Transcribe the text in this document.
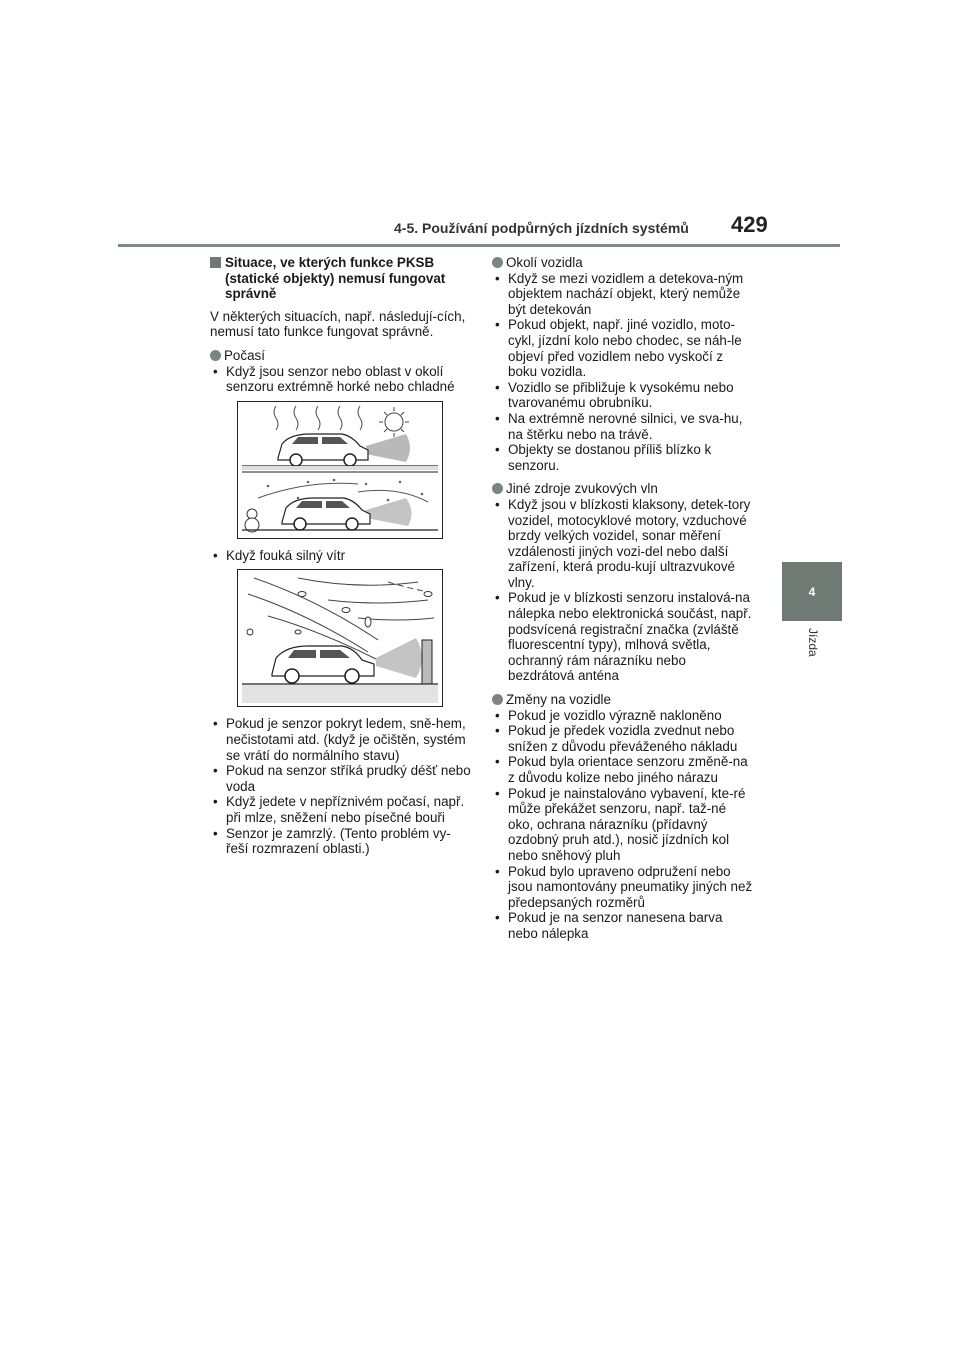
4-5. Používání podpůrných jízdních systémů 429
4
Jízda
Situace, ve kterých funkce PKSB (statické objekty) nemusí fungovat správně
V některých situacích, např. následují-cích, nemusí tato funkce fungovat správně.
Počasí
• Když jsou senzor nebo oblast v okolí senzoru extrémně horké nebo chladné
• Když fouká silný vítr
• Pokud je senzor pokryt ledem, sně-hem, nečistotami atd. (když je očištěn, systém se vrátí do normálního stavu)
• Pokud na senzor stříká prudký déšť nebo voda
• Když jedete v nepříznivém počasí, např. při mlze, sněžení nebo písečné bouři
• Senzor je zamrzlý. (Tento problém vy-řeší rozmrazení oblasti.)
Okolí vozidla
• Když se mezi vozidlem a detekova-ným objektem nachází objekt, který nemůže být detekován
• Pokud objekt, např. jiné vozidlo, moto-cykl, jízdní kolo nebo chodec, se náh-le objeví před vozidlem nebo vyskočí z boku vozidla.
• Vozidlo se přibližuje k vysokému nebo tvarovanému obrubníku.
• Na extrémně nerovné silnici, ve sva-hu, na štěrku nebo na trávě.
• Objekty se dostanou příliš blízko k senzoru.
Jiné zdroje zvukových vln
• Když jsou v blízkosti klaksony, detek-tory vozidel, motocyklové motory, vzduchové brzdy velkých vozidel, sonar měření vzdálenosti jiných vozi-del nebo další zařízení, která produ-kují ultrazvukové vlny.
• Pokud je v blízkosti senzoru instalová-na nálepka nebo elektronická součást, např. podsvícená registrační značka (zvláště fluorescentní typy), mlhová světla, ochranný rám nárazníku nebo bezdrátová anténa
Změny na vozidle
• Pokud je vozidlo výrazně nakloněno
• Pokud je předek vozidla zvednut nebo snížen z důvodu převáženého nákladu
• Pokud byla orientace senzoru změně-na z důvodu kolize nebo jiného nárazu
• Pokud je nainstalováno vybavení, kte-ré může překážet senzoru, např. taž-né oko, ochrana nárazníku (přídavný ozdobný pruh atd.), nosič jízdních kol nebo sněhový pluh
• Pokud bylo upraveno odpružení nebo jsou namontovány pneumatiky jiných než předepsaných rozměrů
• Pokud je na senzor nanesena barva nebo nálepka
